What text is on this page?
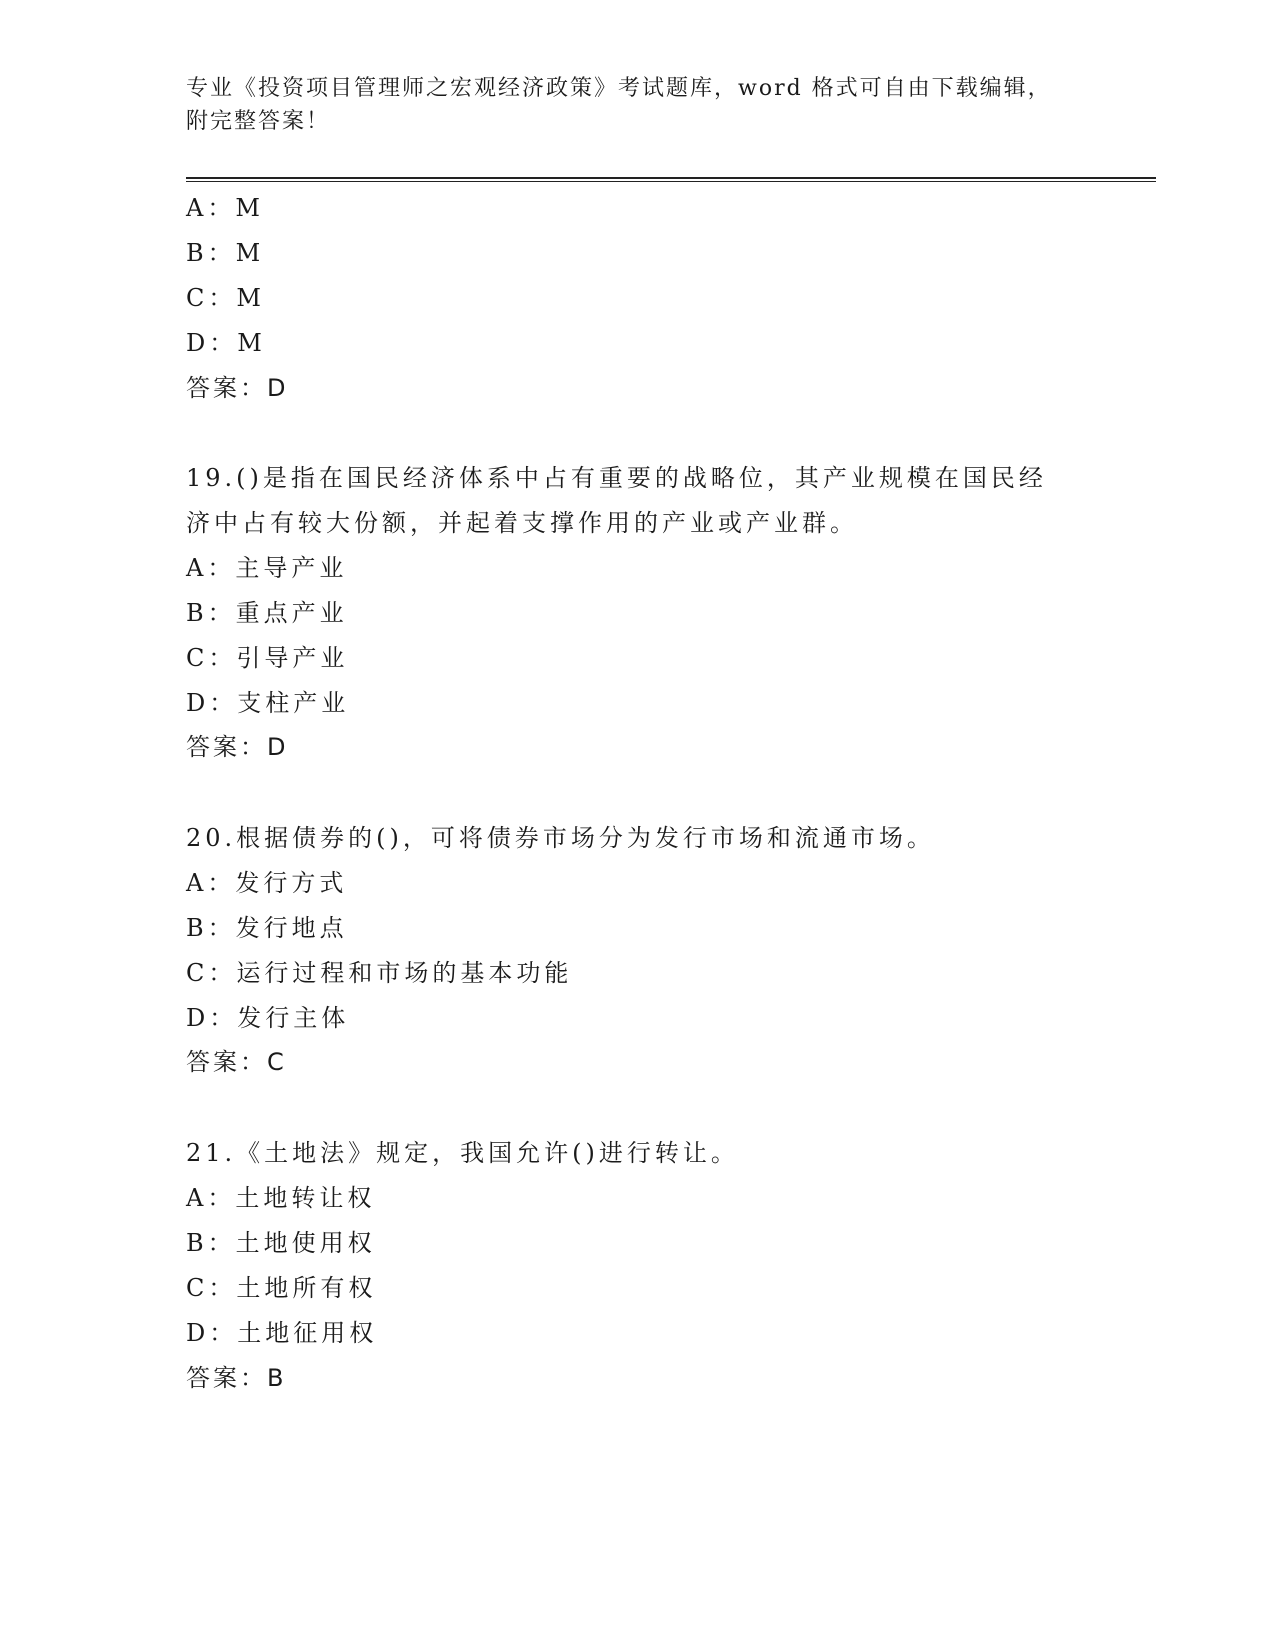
专业《投资项目管理师之宏观经济政策》考试题库，word 格式可自由下载编辑，
附完整答案！
A：M
B：M
C：M
D：M
答案：D
19.()是指在国民经济体系中占有重要的战略位，其产业规模在国民经
济中占有较大份额，并起着支撑作用的产业或产业群。
A：主导产业
B：重点产业
C：引导产业
D：支柱产业
答案：D
20.根据债券的()，可将债券市场分为发行市场和流通市场。
A：发行方式
B：发行地点
C：运行过程和市场的基本功能
D：发行主体
答案：C
21.《土地法》规定，我国允许()进行转让。
A：土地转让权
B：土地使用权
C：土地所有权
D：土地征用权
答案：B
